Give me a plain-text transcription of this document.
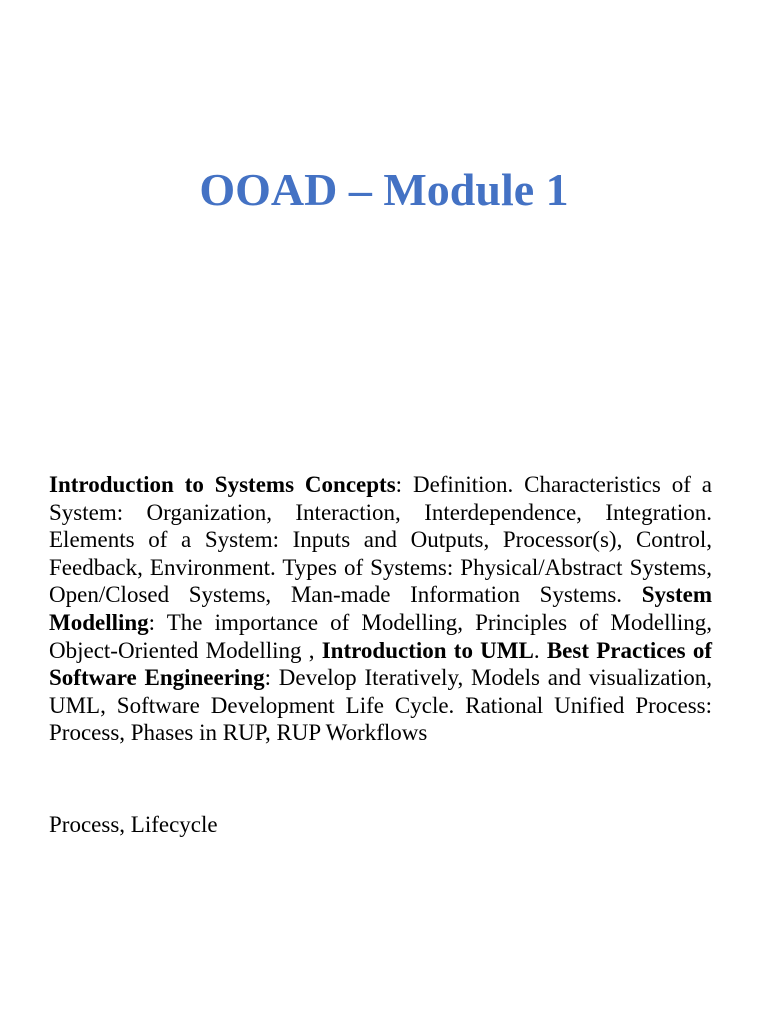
OOAD – Module 1

Introduction to Systems Concepts: Definition. Characteristics of a System: Organization, Interaction, Interdependence, Integration. Elements of a System: Inputs and Outputs, Processor(s), Control, Feedback, Environment. Types of Systems: Physical/Abstract Systems, Open/Closed Systems, Man-made Information Systems. System Modelling: The importance of Modelling, Principles of Modelling, Object-Oriented Modelling , Introduction to UML. Best Practices of Software Engineering: Develop Iteratively, Models and visualization, UML, Software Development Life Cycle. Rational Unified Process: Process, Phases in RUP, RUP Workflows

Process, Lifecycle
